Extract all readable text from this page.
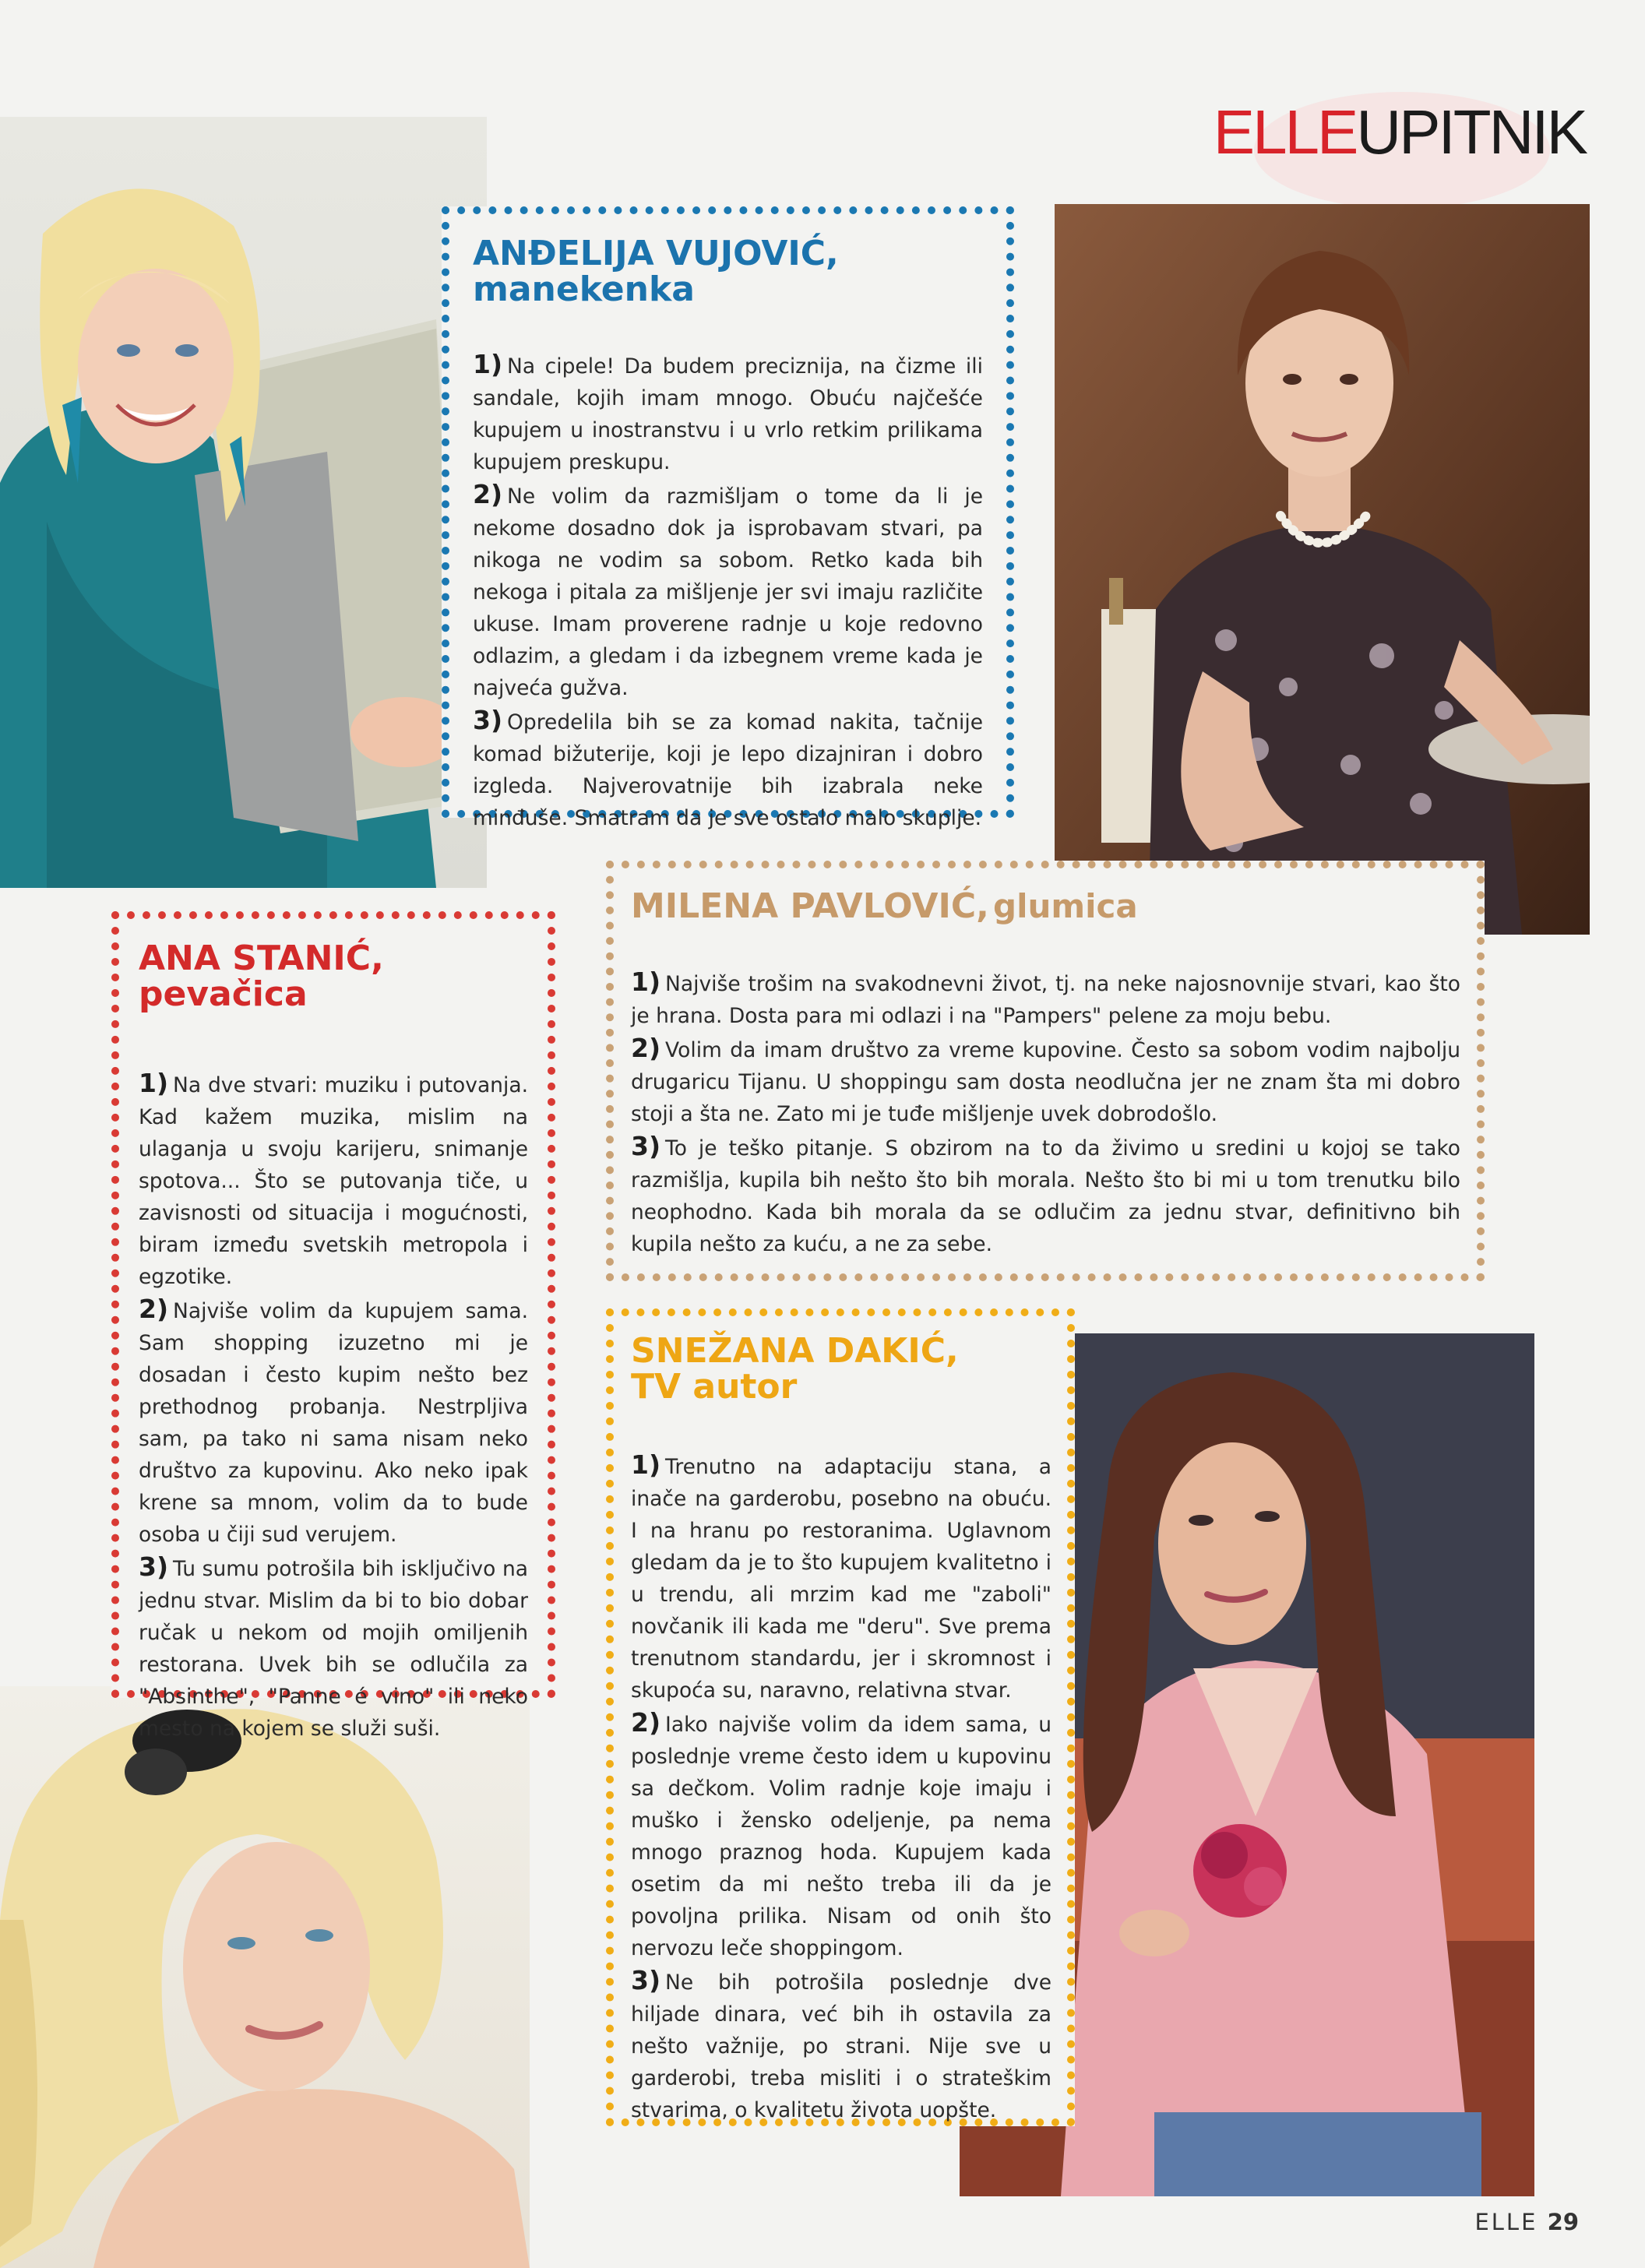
ELLEUPITNIK
ANĐELIJA VUJOVIĆ,
manekenka

1) Na cipele! Da budem preciznija, na čizme ili sandale, kojih imam mnogo. Obuću najčešće kupujem u inostranstvu i u vrlo retkim prilikama kupujem preskupu.

2) Ne volim da razmišljam o tome da li je nekome dosadno dok ja isprobavam stvari, pa nikoga ne vodim sa sobom. Retko kada bih nekoga i pitala za mišljenje jer svi imaju različite ukuse. Imam proverene radnje u koje redovno odlazim, a gledam i da izbegnem vreme kada je najveća gužva.

3) Opredelila bih se za komad nakita, tačnije komad bižuterije, koji je lepo dizajniran i dobro izgleda. Najverovatnije bih izabrala neke minđuše. Smatram da je sve ostalo malo skuplje.

ANA STANIĆ,
pevačica

1) Na dve stvari: muziku i putovanja. Kad kažem muzika, mislim na ulaganja u svoju karijeru, snimanje spotova... Što se putovanja tiče, u zavisnosti od situacija i mogućnosti, biram između svetskih metropola i egzotike.

2) Najviše volim da kupujem sama. Sam shopping izuzetno mi je dosadan i često kupim nešto bez prethodnog probanja. Nestrpljiva sam, pa tako ni sama nisam neko društvo za kupovinu. Ako neko ipak krene sa mnom, volim da to bude osoba u čiji sud verujem.

3) Tu sumu potrošila bih isključivo na jednu stvar. Mislim da bi to bio dobar ručak u nekom od mojih omiljenih restorana. Uvek bih se odlučila za "Absinthe", "Panne é vino" ili neko mesto na kojem se služi suši.

MILENA PAVLOVIĆ, glumica

1) Najviše trošim na svakodnevni život, tj. na neke najosnovnije stvari, kao što je hrana. Dosta para mi odlazi i na "Pampers" pelene za moju bebu.

2) Volim da imam društvo za vreme kupovine. Često sa sobom vodim najbolju drugaricu Tijanu. U shoppingu sam dosta neodlučna jer ne znam šta mi dobro stoji a šta ne. Zato mi je tuđe mišljenje uvek dobrodošlo.

3) To je teško pitanje. S obzirom na to da živimo u sredini u kojoj se tako razmišlja, kupila bih nešto što bih morala. Nešto što bi mi u tom trenutku bilo neophodno. Kada bih morala da se odlučim za jednu stvar, definitivno bih kupila nešto za kuću, a ne za sebe.

SNEŽANA DAKIĆ,
TV autor

1) Trenutno na adaptaciju stana, a inače na garderobu, posebno na obuću. I na hranu po restoranima. Uglavnom gledam da je to što kupujem kvalitetno i u trendu, ali mrzim kad me "zaboli" novčanik ili kada me "deru". Sve prema trenutnom standardu, jer i skromnost i skupoća su, naravno, relativna stvar.

2) Iako najviše volim da idem sama, u poslednje vreme često idem u kupovinu sa dečkom. Volim radnje koje imaju i muško i žensko odeljenje, pa nema mnogo praznog hoda. Kupujem kada osetim da mi nešto treba ili da je povoljna prilika. Nisam od onih što nervozu leče shoppingom.

3) Ne bih potrošila poslednje dve hiljade dinara, već bih ih ostavila za nešto važnije, po strani. Nije sve u garderobi, treba misliti i o strateškim stvarima, o kvalitetu života uopšte.

ELLE 29
